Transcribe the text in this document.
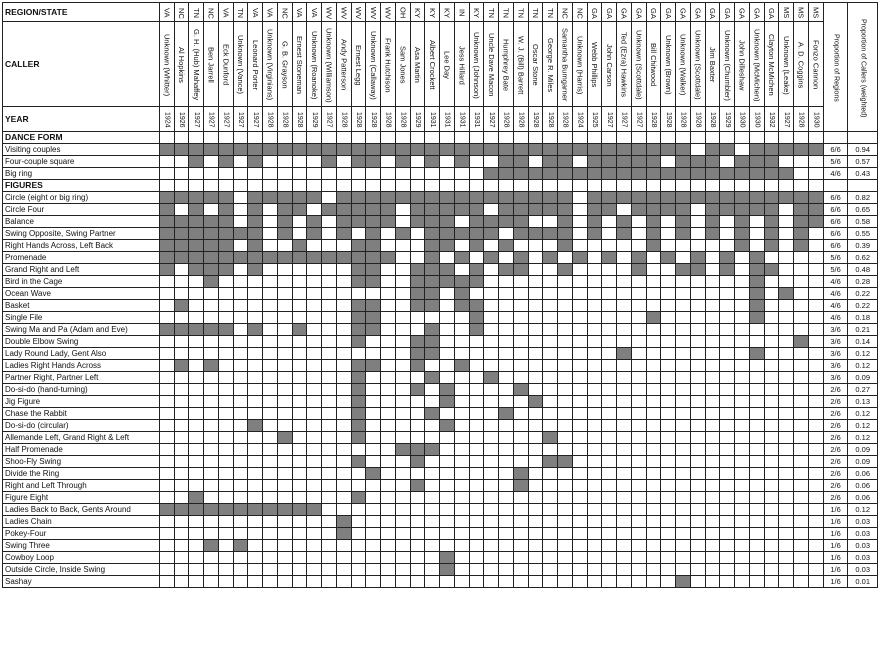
REGION/STATE	VA	NC	TN	NC	VA	TN	VA	VA	NC	VA	VA	WV	WV	WV	WV	WV	OH	KY	KY	KY	IN	KY	TN	TN	TN	TN	TN	NC	NC	GA	GA	GA	GA	GA	GA	GA	GA	GA	GA	GA	GA	GA	MS	MS	MS	Proportion of Regions	Proportion of Callers (weighted)

CALLER	Unknown (Whitter)	Al Hopkins	G. H. (Hub) Mahaffey	Ben Jarrell	Eck Dunford	Unknown (Vance)	Leonard Porter	Unknown (Virginians)	G. B. Grayson	Ernest Stoneman	Unknown (Roanoke)	Unknown (Williamson)	Andy Patterson	Ernest Legg	Unknown (Callaway)	Frank Hutchison	Sam Jones	Asa Martin	Albert Crockett	Lee Day	Jess Hillard	Unknown (Johnson)	Uncle Dave Macon	Humphrey Bate	W. J. (Bill) Barrett	Oscar Stone	George R. Miles	Samantha Bumgarner	Unknown (Harris)	Webb Phillips	John Carson	Ted (Ezra) Hawkins	Unknown (Scottdale)	Bill Chitwood	Unknown (Brown)	Unknown (Walker)	Unknown (Scottdale)	Jim Baxter	Unknown (Chumbler)	John Dilleshaw	Unknown (McMichen)	Clayton McMichen	Unknown (Leake)	A. D. Coggins	Fonzo Cannon		

YEAR	1924	1926	1927	1927	1927	1927	1927	1928	1928	1928	1929	1927	1928	1928	1928	1928	1928	1929	1931	1931	1931	1931	1927	1928	1928	1928	1928	1928	1924	1925	1927	1927	1927	1928	1928	1928	1928	1928	1929	1930	1930	1932	1927	1928	1930		

DANCE FORM																																															
Visiting couples																																														6/6	0.94
Four-couple square																																														5/6	0.57
Big ring																																														4/6	0.43
FIGURES																																															
Circle (eight or big ring)																																														6/6	0.82
Circle Four																																														6/6	0.65
Balance																																														6/6	0.58
Swing Opposite, Swing Partner																																														6/6	0.55
Right Hands Across, Left Back																																														6/6	0.39
Promenade																																														5/6	0.62
Grand Right and Left																																														5/6	0.48
Bird in the Cage																																														4/6	0.28
Ocean Wave																																														4/6	0.22
Basket																																														4/6	0.22
Single File																																														4/6	0.18
Swing Ma and Pa (Adam and Eve)																																														3/6	0.21
Double Elbow Swing																																														3/6	0.14
Lady Round Lady, Gent Also																																														3/6	0.12
Ladies Right Hands Across																																														3/6	0.12
Partner Right, Partner Left																																														3/6	0.09
Do-si-do (hand-turning)																																														2/6	0.27
Jig Figure																																														2/6	0.13
Chase the Rabbit																																														2/6	0.12
Do-si-do (circular)																																														2/6	0.12
Allemande Left, Grand Right & Left																																														2/6	0.12
Half Promenade																																														2/6	0.09
Shoo-Fly Swing																																														2/6	0.09
Divide the Ring																																														2/6	0.06
Right and Left Through																																														2/6	0.06
Figure Eight																																														2/6	0.06
Ladies Back to Back, Gents Around																																														1/6	0.12
Ladies Chain																																														1/6	0.03
Pokey-Four																																														1/6	0.03
Swing Three																																														1/6	0.03
Cowboy Loop																																														1/6	0.03
Outside Circle, Inside Swing																																														1/6	0.03
Sashay																																														1/6	0.01
